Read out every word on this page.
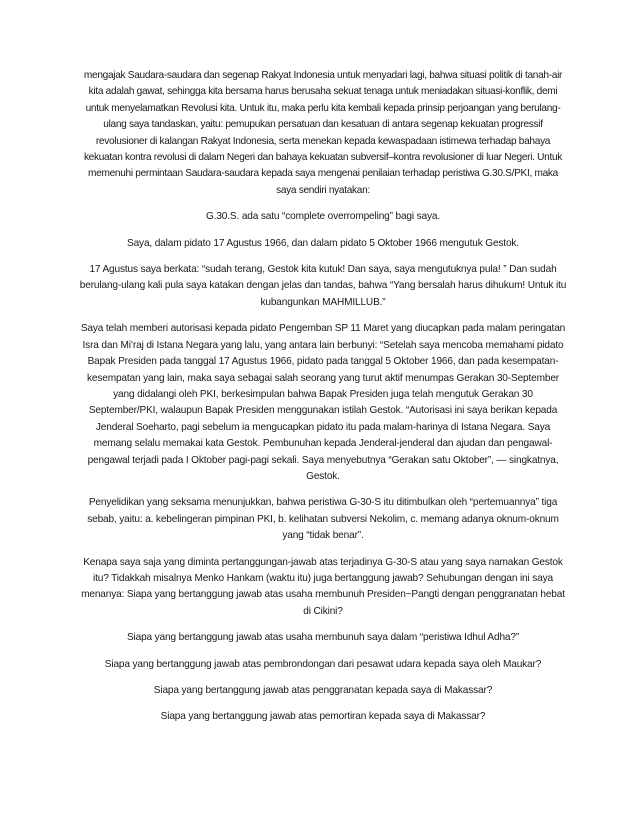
mengajak Saudara-saudara dan segenap Rakyat Indonesia untuk menyadari lagi, bahwa situasi politik di tanah-air kita adalah gawat, sehingga kita bersama harus berusaha sekuat tenaga untuk meniadakan situasi-konflik, demi untuk menyelamatkan Revolusi kita. Untuk itu, maka perlu kita kembali kepada prinsip perjoangan yang berulang-ulang saya tandaskan, yaitu: pemupukan persatuan dan kesatuan di antara segenap kekuatan progressif revolusioner di kalangan Rakyat Indonesia, serta menekan kepada kewaspadaan istimewa terhadap bahaya kekuatan kontra revolusi di dalam Negeri dan bahaya kekuatan subversif–kontra revolusioner di luar Negeri. Untuk memenuhi permintaan Saudara-saudara kepada saya mengenai penilaian terhadap peristiwa G.30.S/PKI, maka saya sendiri nyatakan:

G.30.S. ada satu “complete overrompeling” bagi saya.

Saya, dalam pidato 17 Agustus 1966, dan dalam pidato 5 Oktober 1966 mengutuk Gestok.

17 Agustus saya berkata: “sudah terang, Gestok kita kutuk! Dan saya, saya mengutuknya pula! ” Dan sudah berulang-ulang kali pula saya katakan dengan jelas dan tandas, bahwa “Yang bersalah harus dihukum! Untuk itu kubangunkan MAHMILLUB.”

Saya telah memberi autorisasi kepada pidato Pengemban SP 11 Maret yang diucapkan pada malam peringatan Isra dan Mi’raj di Istana Negara yang lalu, yang antara lain berbunyi: “Setelah saya mencoba memahami pidato Bapak Presiden pada tanggal 17 Agustus 1966, pidato pada tanggal 5 Oktober 1966, dan pada kesempatan-kesempatan yang lain, maka saya sebagai salah seorang yang turut aktif menumpas Gerakan 30-September yang didalangi oleh PKI, berkesimpulan bahwa Bapak Presiden juga telah mengutuk Gerakan 30 September/PKI, walaupun Bapak Presiden menggunakan istilah Gestok. “Autorisasi ini saya berikan kepada Jenderal Soeharto, pagi sebelum ia mengucapkan pidato itu pada malam-harinya di Istana Negara. Saya memang selalu memakai kata Gestok. Pembunuhan kepada Jenderal-jenderal dan ajudan dan pengawal-pengawal terjadi pada I Oktober pagi-pagi sekali. Saya menyebutnya “Gerakan satu Oktober”, — singkatnya, Gestok.

Penyelidikan yang seksama menunjukkan, bahwa peristiwa G-30-S itu ditimbulkan oleh “pertemuannya” tiga sebab, yaitu: a. kebelingeran pimpinan PKI, b. kelihatan subversi Nekolim, c. memang adanya oknum-oknum yang “tidak benar”.

Kenapa saya saja yang diminta pertanggungan-jawab atas terjadinya G-30-S atau yang saya namakan Gestok itu? Tidakkah misalnya Menko Hankam (waktu itu) juga bertanggung jawab? Sehubungan dengan ini saya menanya: Siapa yang bertanggung jawab atas usaha membunuh Presiden~Pangti dengan penggranatan hebat di Cikini?

Siapa yang bertanggung jawab atas usaha membunuh saya dalam “peristiwa Idhul Adha?”

Siapa yang bertanggung jawab atas pembrondongan dari pesawat udara kepada saya oleh Maukar?

Siapa yang bertanggung jawab atas penggranatan kepada saya di Makassar?

Siapa yang bertanggung jawab atas pemortiran kepada saya di Makassar?
